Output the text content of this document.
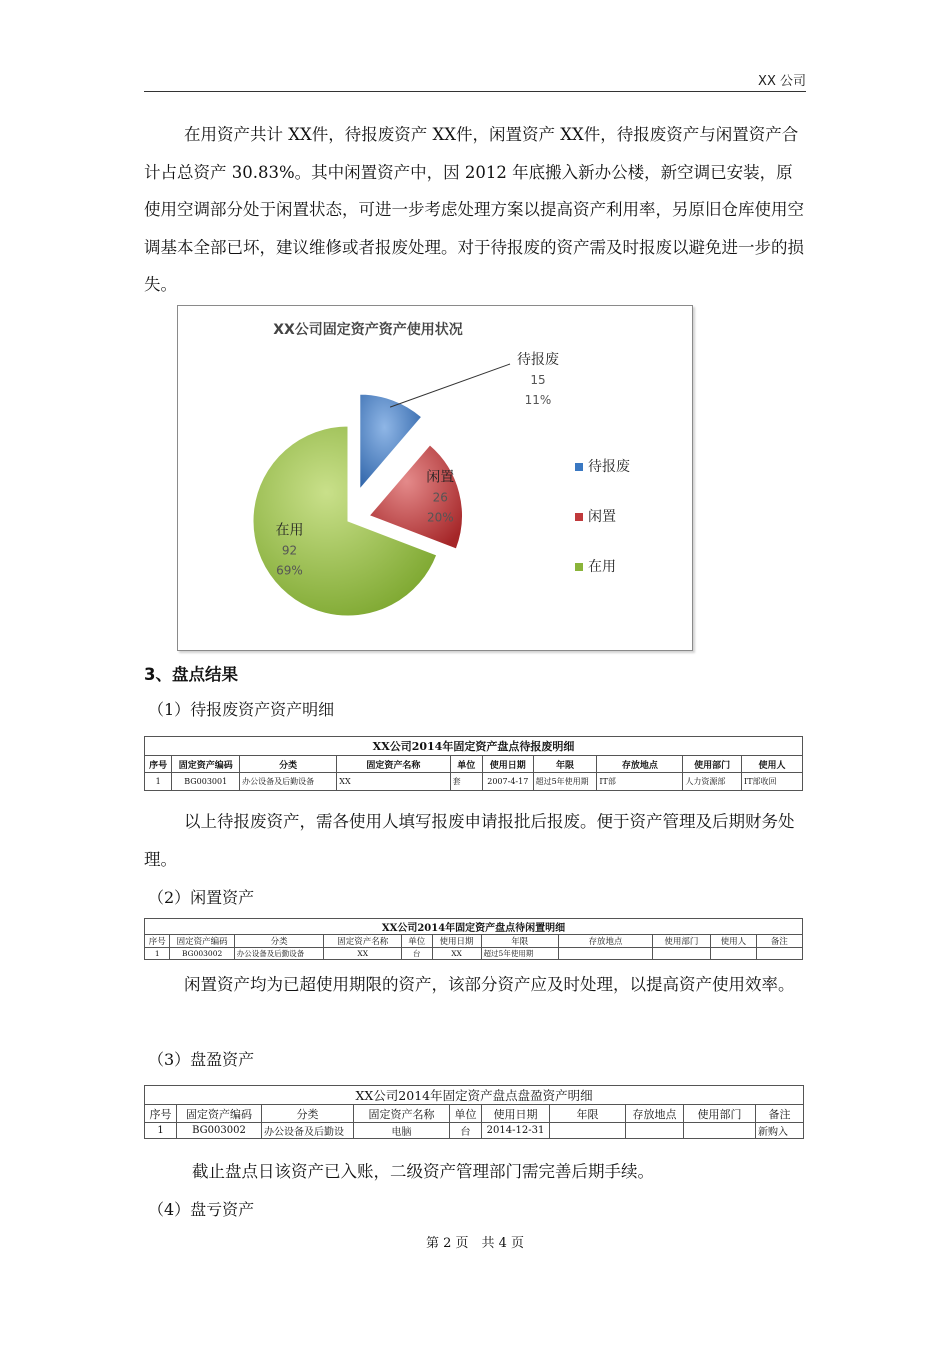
XX 公司

在用资产共计 XX件，待报废资产 XX件，闲置资产 XX件，待报废资产与闲置资产合计占总资产 30.83%。其中闲置资产中，因 2012 年底搬入新办公楼，新空调已安装，原使用空调部分处于闲置状态，可进一步考虑处理方案以提高资产利用率，另原旧仓库使用空调基本全部已坏，建议维修或者报废处理。对于待报废的资产需及时报废以避免进一步的损失。

XX公司固定资产资产使用状况
待报废
15
11%
闲置
26
20%
在用
92
69%
待报废
闲置
在用
3、盘点结果
（1）待报废资产资产明细
XX公司2014年固定资产盘点待报废明细									
序号	固定资产编码	分类	固定资产名称	单位	使用日期	年限	存放地点	使用部门	使用人
1	BG003001	办公设备及后勤设备	XX	套	2007-4-17	超过5年使用期	IT部	人力资源部	IT部收回

以上待报废资产，需各使用人填写报废申请报批后报废。便于资产管理及后期财务处理。

（2）闲置资产
XX公司2014年固定资产盘点待闲置明细										
序号	固定资产编码	分类	固定资产名称	单位	使用日期	年限	存放地点	使用部门	使用人	备注
1	BG003002	办公设备及后勤设备	XX	台	XX	超过5年使用期				

闲置资产均为已超使用期限的资产，该部分资产应及时处理，以提高资产使用效率。

（3）盘盈资产
XX公司2014年固定资产盘点盘盈资产明细									
序号	固定资产编码	分类	固定资产名称	单位	使用日期	年限	存放地点	使用部门	备注
1	BG003002	办公设备及后勤设	电脑	台	2014-12-31				新购入

截止盘点日该资产已入账，二级资产管理部门需完善后期手续。

（4）盘亏资产
第 2 页　共 4 页
